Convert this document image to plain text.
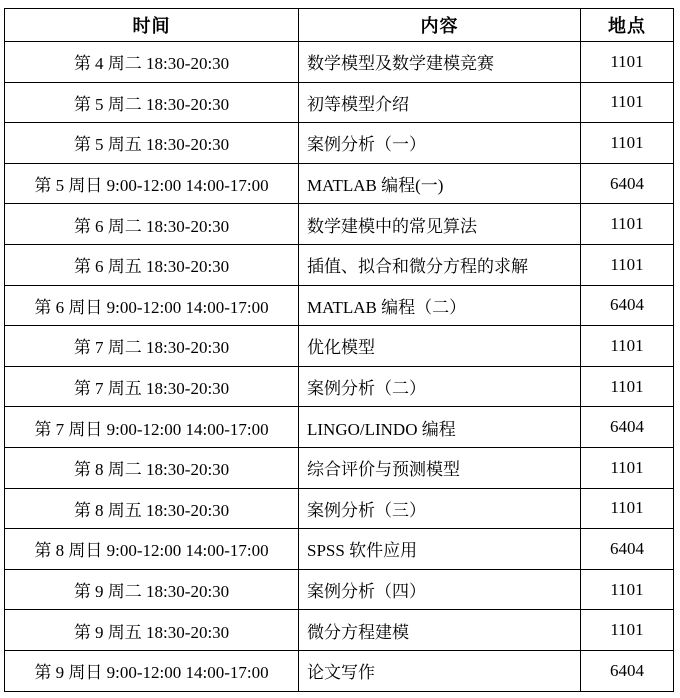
时间	内容	地点
第 4 周二 18:30-20:30	数学模型及数学建模竞赛	1101
第 5 周二 18:30-20:30	初等模型介绍	1101
第 5 周五 18:30-20:30	案例分析（一）	1101
第 5 周日 9:00-12:00 14:00-17:00	MATLAB 编程(一)	6404
第 6 周二 18:30-20:30	数学建模中的常见算法	1101
第 6 周五 18:30-20:30	插值、拟合和微分方程的求解	1101
第 6 周日 9:00-12:00 14:00-17:00	MATLAB 编程（二）	6404
第 7 周二 18:30-20:30	优化模型	1101
第 7 周五 18:30-20:30	案例分析（二）	1101
第 7 周日 9:00-12:00 14:00-17:00	LINGO/LINDO 编程	6404
第 8 周二 18:30-20:30	综合评价与预测模型	1101
第 8 周五 18:30-20:30	案例分析（三）	1101
第 8 周日 9:00-12:00 14:00-17:00	SPSS 软件应用	6404
第 9 周二 18:30-20:30	案例分析（四）	1101
第 9 周五 18:30-20:30	微分方程建模	1101
第 9 周日 9:00-12:00 14:00-17:00	论文写作	6404
